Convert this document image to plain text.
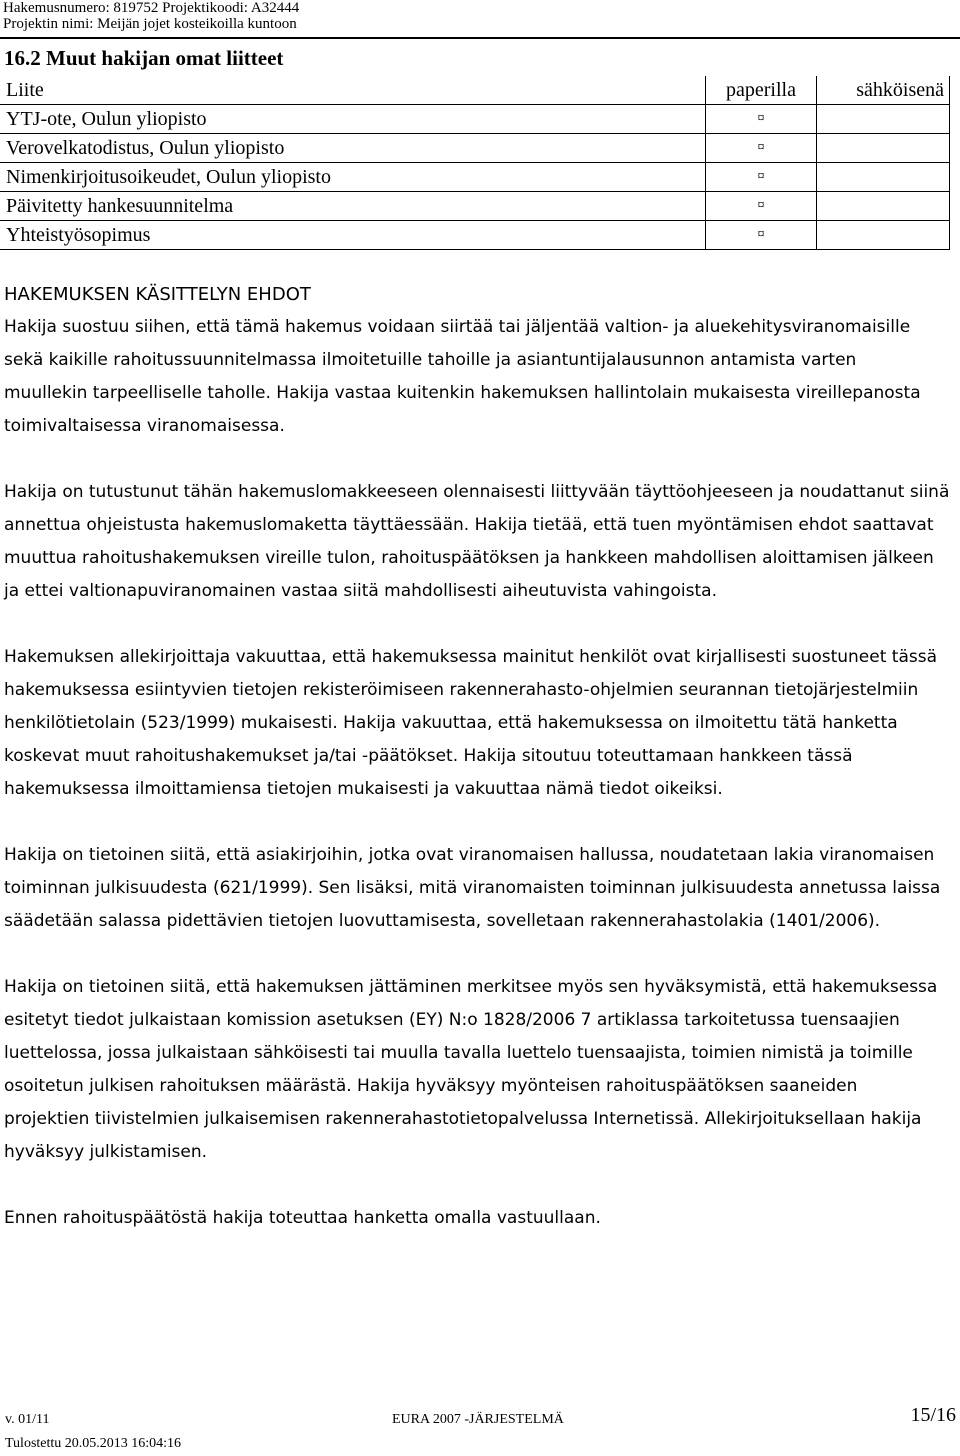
Hakemusnumero: 819752 Projektikoodi: A32444
Projektin nimi: Meijän jojet kosteikoilla kuntoon
16.2 Muut hakijan omat liitteet
Liite	paperilla	sähköisenä
YTJ-ote, Oulun yliopisto	¤	
Verovelkatodistus, Oulun yliopisto	¤	
Nimenkirjoitusoikeudet, Oulun yliopisto	¤	
Päivitetty hankesuunnitelma	¤	
Yhteistyösopimus	¤	
HAKEMUKSEN KÄSITTELYN EHDOT

Hakija suostuu siihen, että tämä hakemus voidaan siirtää tai jäljentää valtion- ja aluekehitysviranomaisille
sekä kaikille rahoitussuunnitelmassa ilmoitetuille tahoille ja asiantuntijalausunnon antamista varten
muullekin tarpeelliselle taholle. Hakija vastaa kuitenkin hakemuksen hallintolain mukaisesta vireillepanosta
toimivaltaisessa viranomaisessa.

Hakija on tutustunut tähän hakemuslomakkeeseen olennaisesti liittyvään täyttöohjeeseen ja noudattanut siinä
annettua ohjeistusta hakemuslomaketta täyttäessään. Hakija tietää, että tuen myöntämisen ehdot saattavat
muuttua rahoitushakemuksen vireille tulon, rahoituspäätöksen ja hankkeen mahdollisen aloittamisen jälkeen
ja ettei valtionapuviranomainen vastaa siitä mahdollisesti aiheutuvista vahingoista.

Hakemuksen allekirjoittaja vakuuttaa, että hakemuksessa mainitut henkilöt ovat kirjallisesti suostuneet tässä
hakemuksessa esiintyvien tietojen rekisteröimiseen rakennerahasto-ohjelmien seurannan tietojärjestelmiin
henkilötietolain (523/1999) mukaisesti. Hakija vakuuttaa, että hakemuksessa on ilmoitettu tätä hanketta
koskevat muut rahoitushakemukset ja/tai -päätökset. Hakija sitoutuu toteuttamaan hankkeen tässä
hakemuksessa ilmoittamiensa tietojen mukaisesti ja vakuuttaa nämä tiedot oikeiksi.

Hakija on tietoinen siitä, että asiakirjoihin, jotka ovat viranomaisen hallussa, noudatetaan lakia viranomaisen
toiminnan julkisuudesta (621/1999). Sen lisäksi, mitä viranomaisten toiminnan julkisuudesta annetussa laissa
säädetään salassa pidettävien tietojen luovuttamisesta, sovelletaan rakennerahastolakia (1401/2006).

Hakija on tietoinen siitä, että hakemuksen jättäminen merkitsee myös sen hyväksymistä, että hakemuksessa
esitetyt tiedot julkaistaan komission asetuksen (EY) N:o 1828/2006 7 artiklassa tarkoitetussa tuensaajien
luettelossa, jossa julkaistaan sähköisesti tai muulla tavalla luettelo tuensaajista, toimien nimistä ja toimille
osoitetun julkisen rahoituksen määrästä. Hakija hyväksyy myönteisen rahoituspäätöksen saaneiden
projektien tiivistelmien julkaisemisen rakennerahastotietopalvelussa Internetissä. Allekirjoituksellaan hakija
hyväksyy julkistamisen.

Ennen rahoituspäätöstä hakija toteuttaa hanketta omalla vastuullaan.

v. 01/11
Tulostettu 20.05.2013 16:04:16
EURA 2007 -JÄRJESTELMÄ	15/16
